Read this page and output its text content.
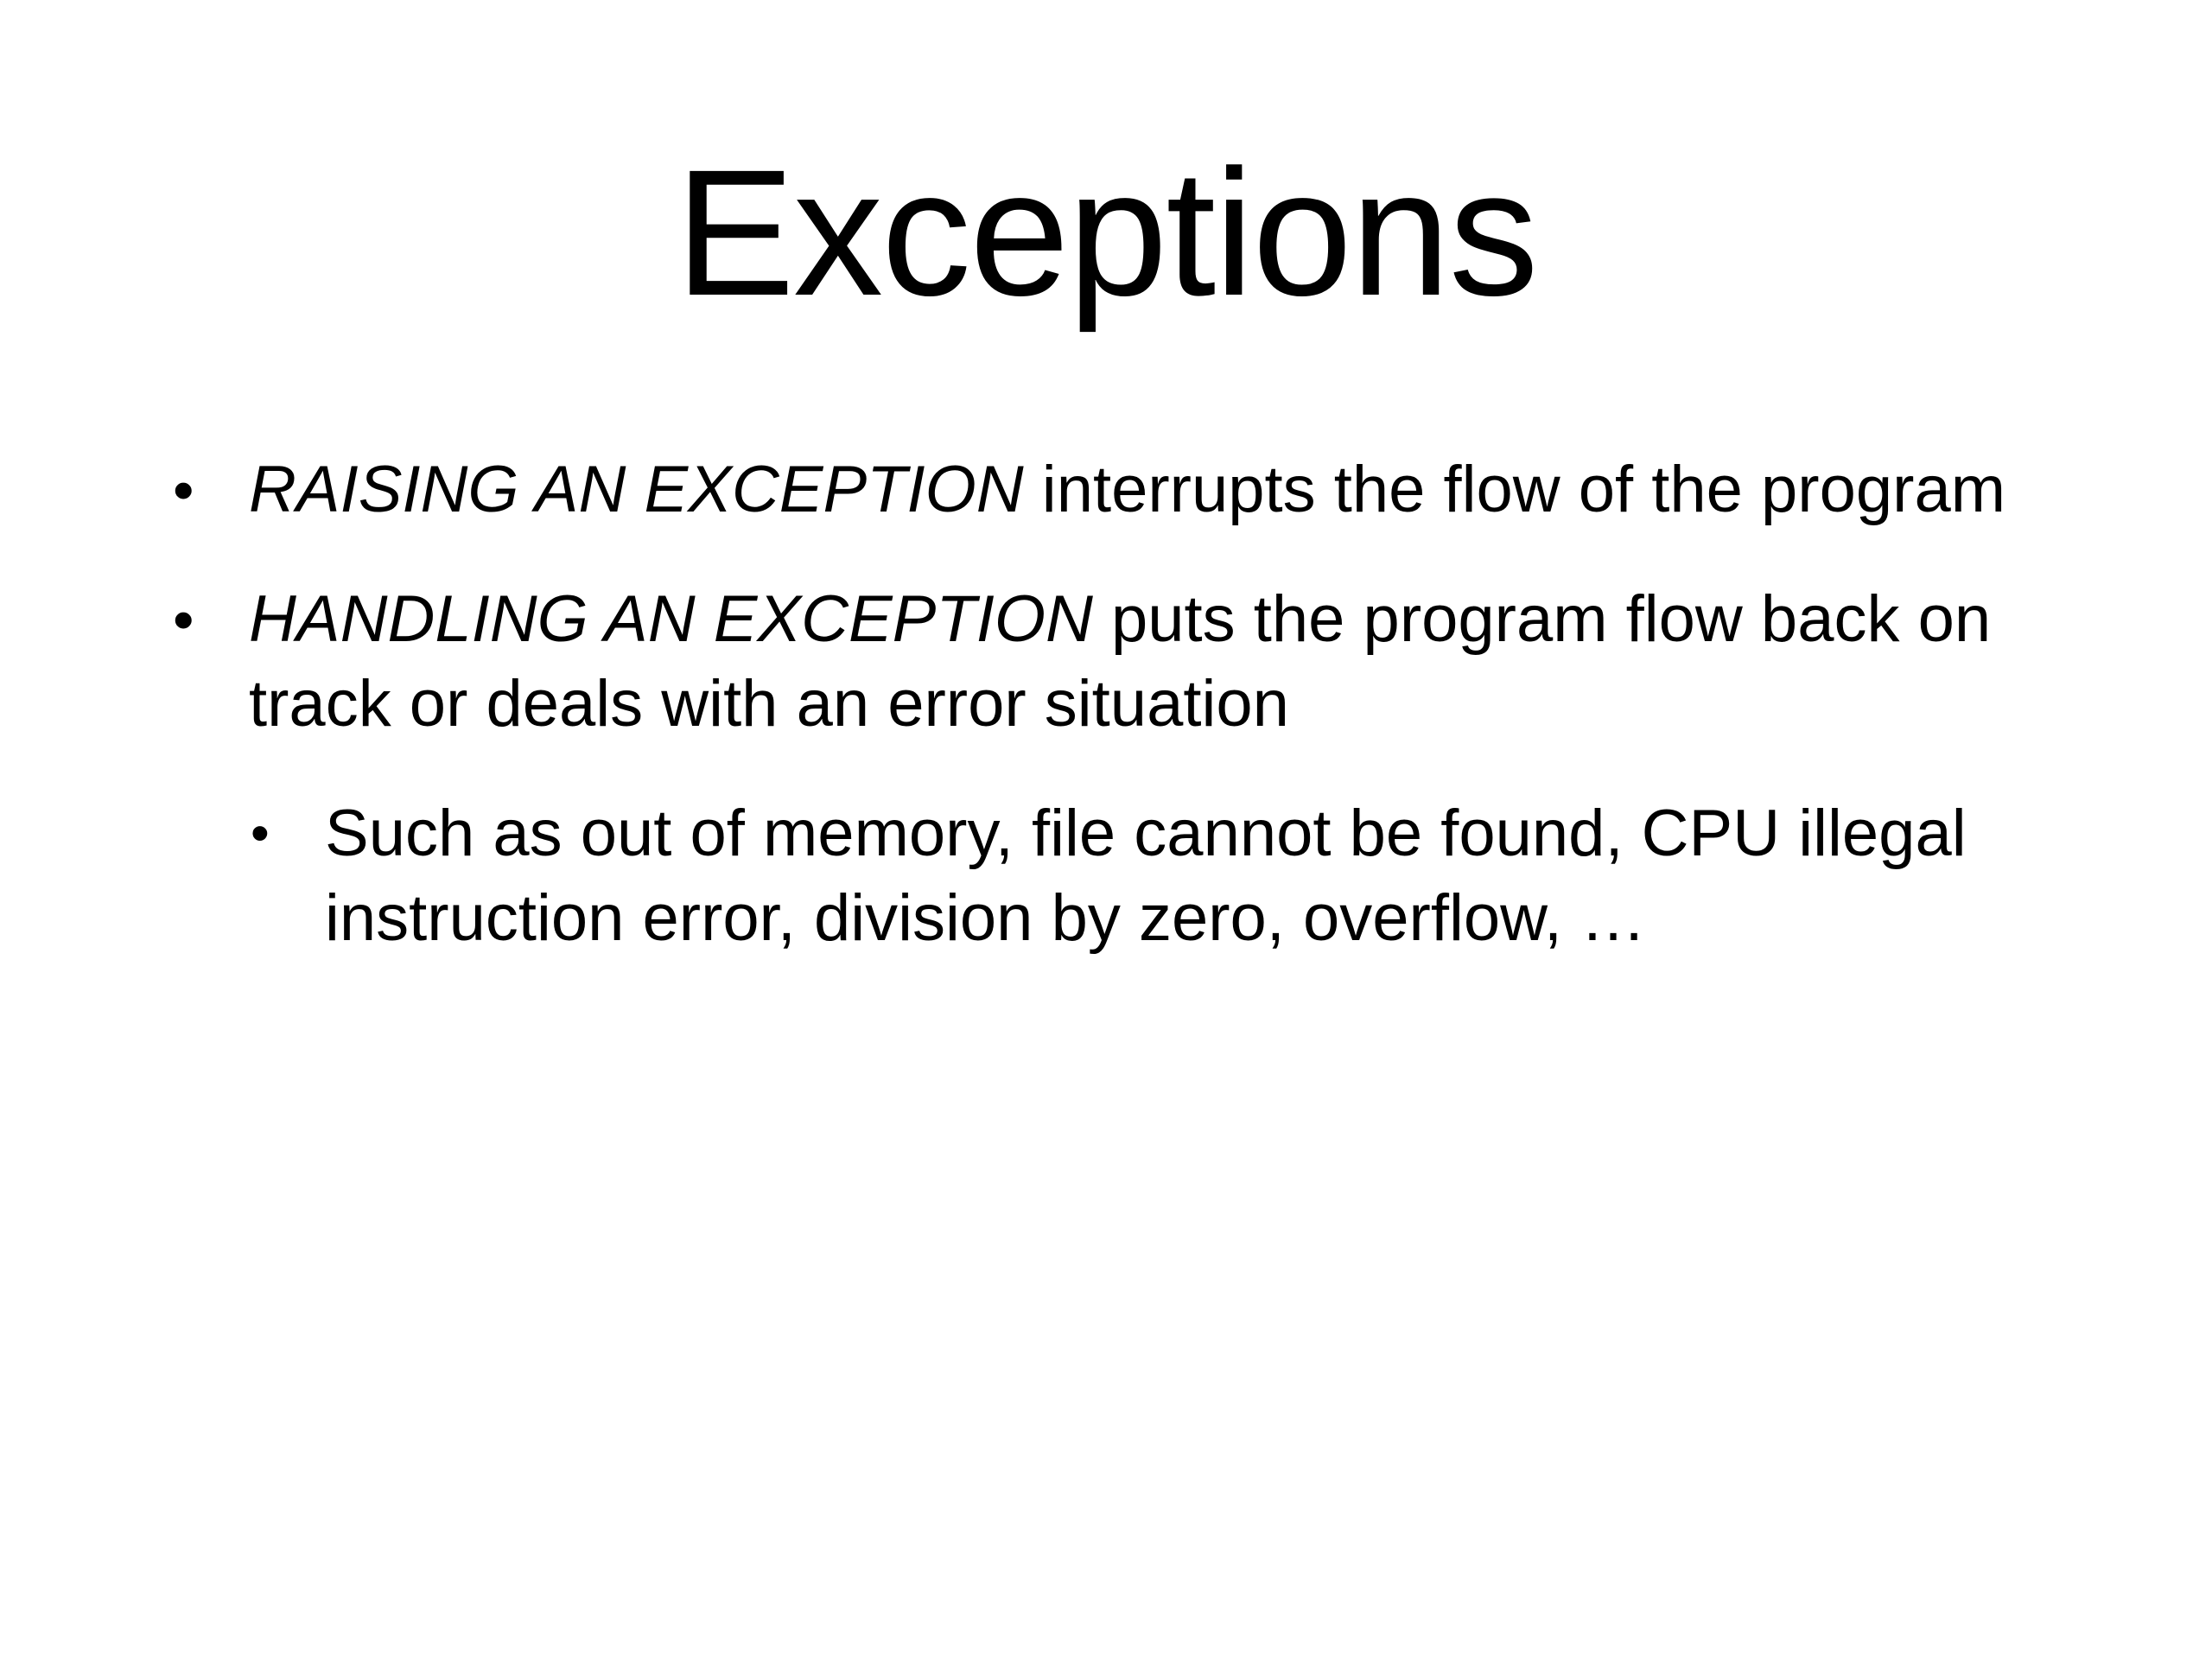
Exceptions
• RAISING AN EXCEPTION interrupts the flow of the program
• HANDLING AN EXCEPTION puts the program flow back on track or deals with an error situation
• Such as out of memory, file cannot be found, CPU illegal instruction error, division by zero, overflow, …
